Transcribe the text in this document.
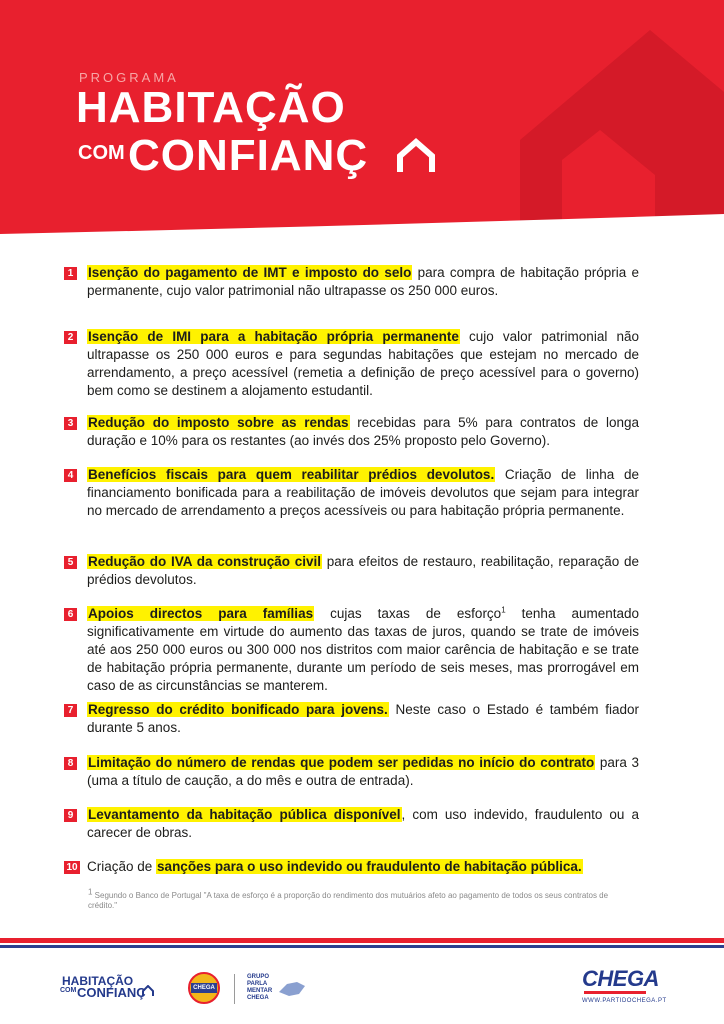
PROGRAMA
HABITAÇÃO
COM CONFIANÇ
1 Isenção do pagamento de IMT e imposto do selo para compra de habitação própria e permanente, cujo valor patrimonial não ultrapasse os 250 000 euros.
2 Isenção de IMI para a habitação própria permanente cujo valor patrimonial não ultrapasse os 250 000 euros e para segundas habitações que estejam no mercado de arrendamento, a preço acessível (remetia a definição de preço acessível para o governo) bem como se destinem a alojamento estudantil.
3 Redução do imposto sobre as rendas recebidas para 5% para contratos de longa duração e 10% para os restantes (ao invés dos 25% proposto pelo Governo).
4 Benefícios fiscais para quem reabilitar prédios devolutos. Criação de linha de financiamento bonificada para a reabilitação de imóveis devolutos que sejam para integrar no mercado de arrendamento a preços acessíveis ou para habitação própria permanente.
5 Redução do IVA da construção civil para efeitos de restauro, reabilitação, reparação de prédios devolutos.
6 Apoios directos para famílias cujas taxas de esforço$^1$ tenha aumentado significativamente em virtude do aumento das taxas de juros, quando se trate de imóveis até aos 250 000 euros ou 300 000 nos distritos com maior carência de habitação e se trate de habitação própria permanente, durante um período de seis meses, mas prorrogável em caso de as circunstâncias se manterem.
7 Regresso do crédito bonificado para jovens. Neste caso o Estado é também fiador durante 5 anos.
8 Limitação do número de rendas que podem ser pedidas no início do contrato para 3 (uma a título de caução, a do mês e outra de entrada).
9 Levantamento da habitação pública disponível, com uso indevido, fraudulento ou a carecer de obras.
10 Criação de sanções para o uso indevido ou fraudulento de habitação pública.
$^1$ Segundo o Banco de Portugal "A taxa de esforço é a proporção do rendimento dos mutuários afeto ao pagamento de todos os seus contratos de crédito."
HABITAÇÃO
COM CONFIANÇ	CHEGA
GRUPO
PARLA
MENTAR
CHEGA
CHEGA
WWW.PARTIDOCHEGA.PT
